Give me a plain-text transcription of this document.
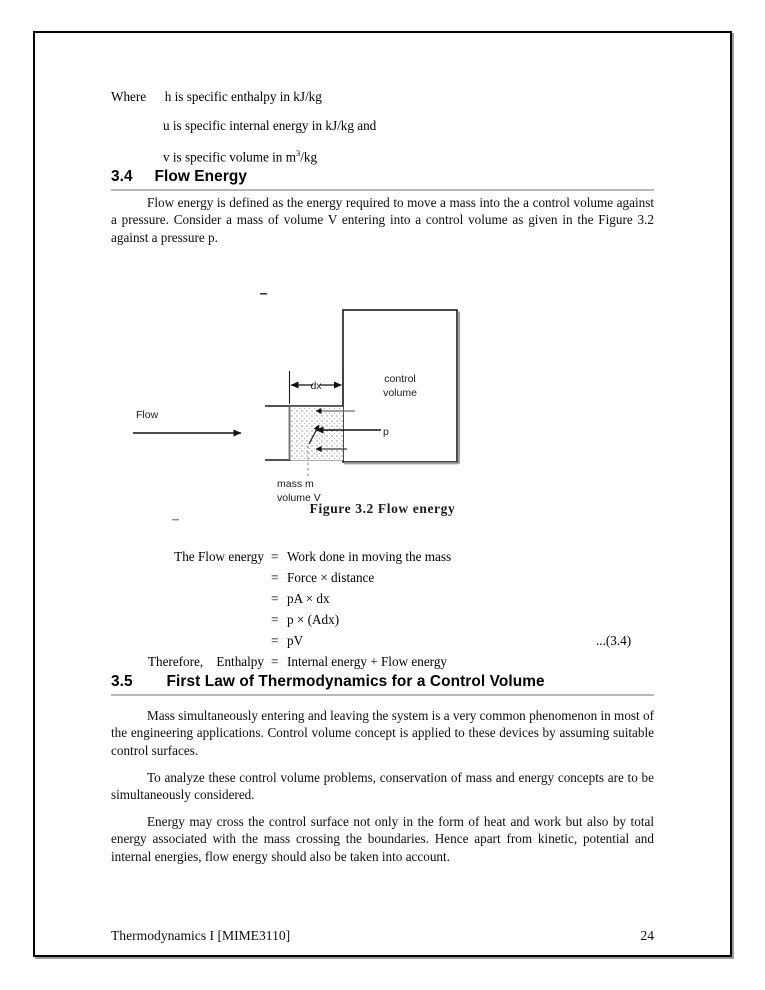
Where h is specific enthalpy in kJ/kg
u is specific internal energy in kJ/kg and
v is specific volume in $m^3/kg$
3.4 Flow Energy
Flow energy is defined as the energy required to move a mass into the a control volume against a pressure. Consider a mass of volume V entering into a control volume as given in the Figure 3.2 against a pressure p.
dx
Flow
p
control
volume
mass m
volume V
Figure 3.2 Flow energy
The Flow energy = Work done in moving the mass
= Force × distance
= pA × dx
= p × (Adx)
= pV	...(3.4)
Therefore,    Enthalpy = Internal energy + Flow energy
3.5 First Law of Thermodynamics for a Control Volume
Mass simultaneously entering and leaving the system is a very common phenomenon in most of the engineering applications. Control volume concept is applied to these devices by assuming suitable control surfaces.
To analyze these control volume problems, conservation of mass and energy concepts are to be simultaneously considered.
Energy may cross the control surface not only in the form of heat and work but also by total energy associated with the mass crossing the boundaries. Hence apart from kinetic, potential and internal energies, flow energy should also be taken into account.
Thermodynamics I [MIME3110]	24
